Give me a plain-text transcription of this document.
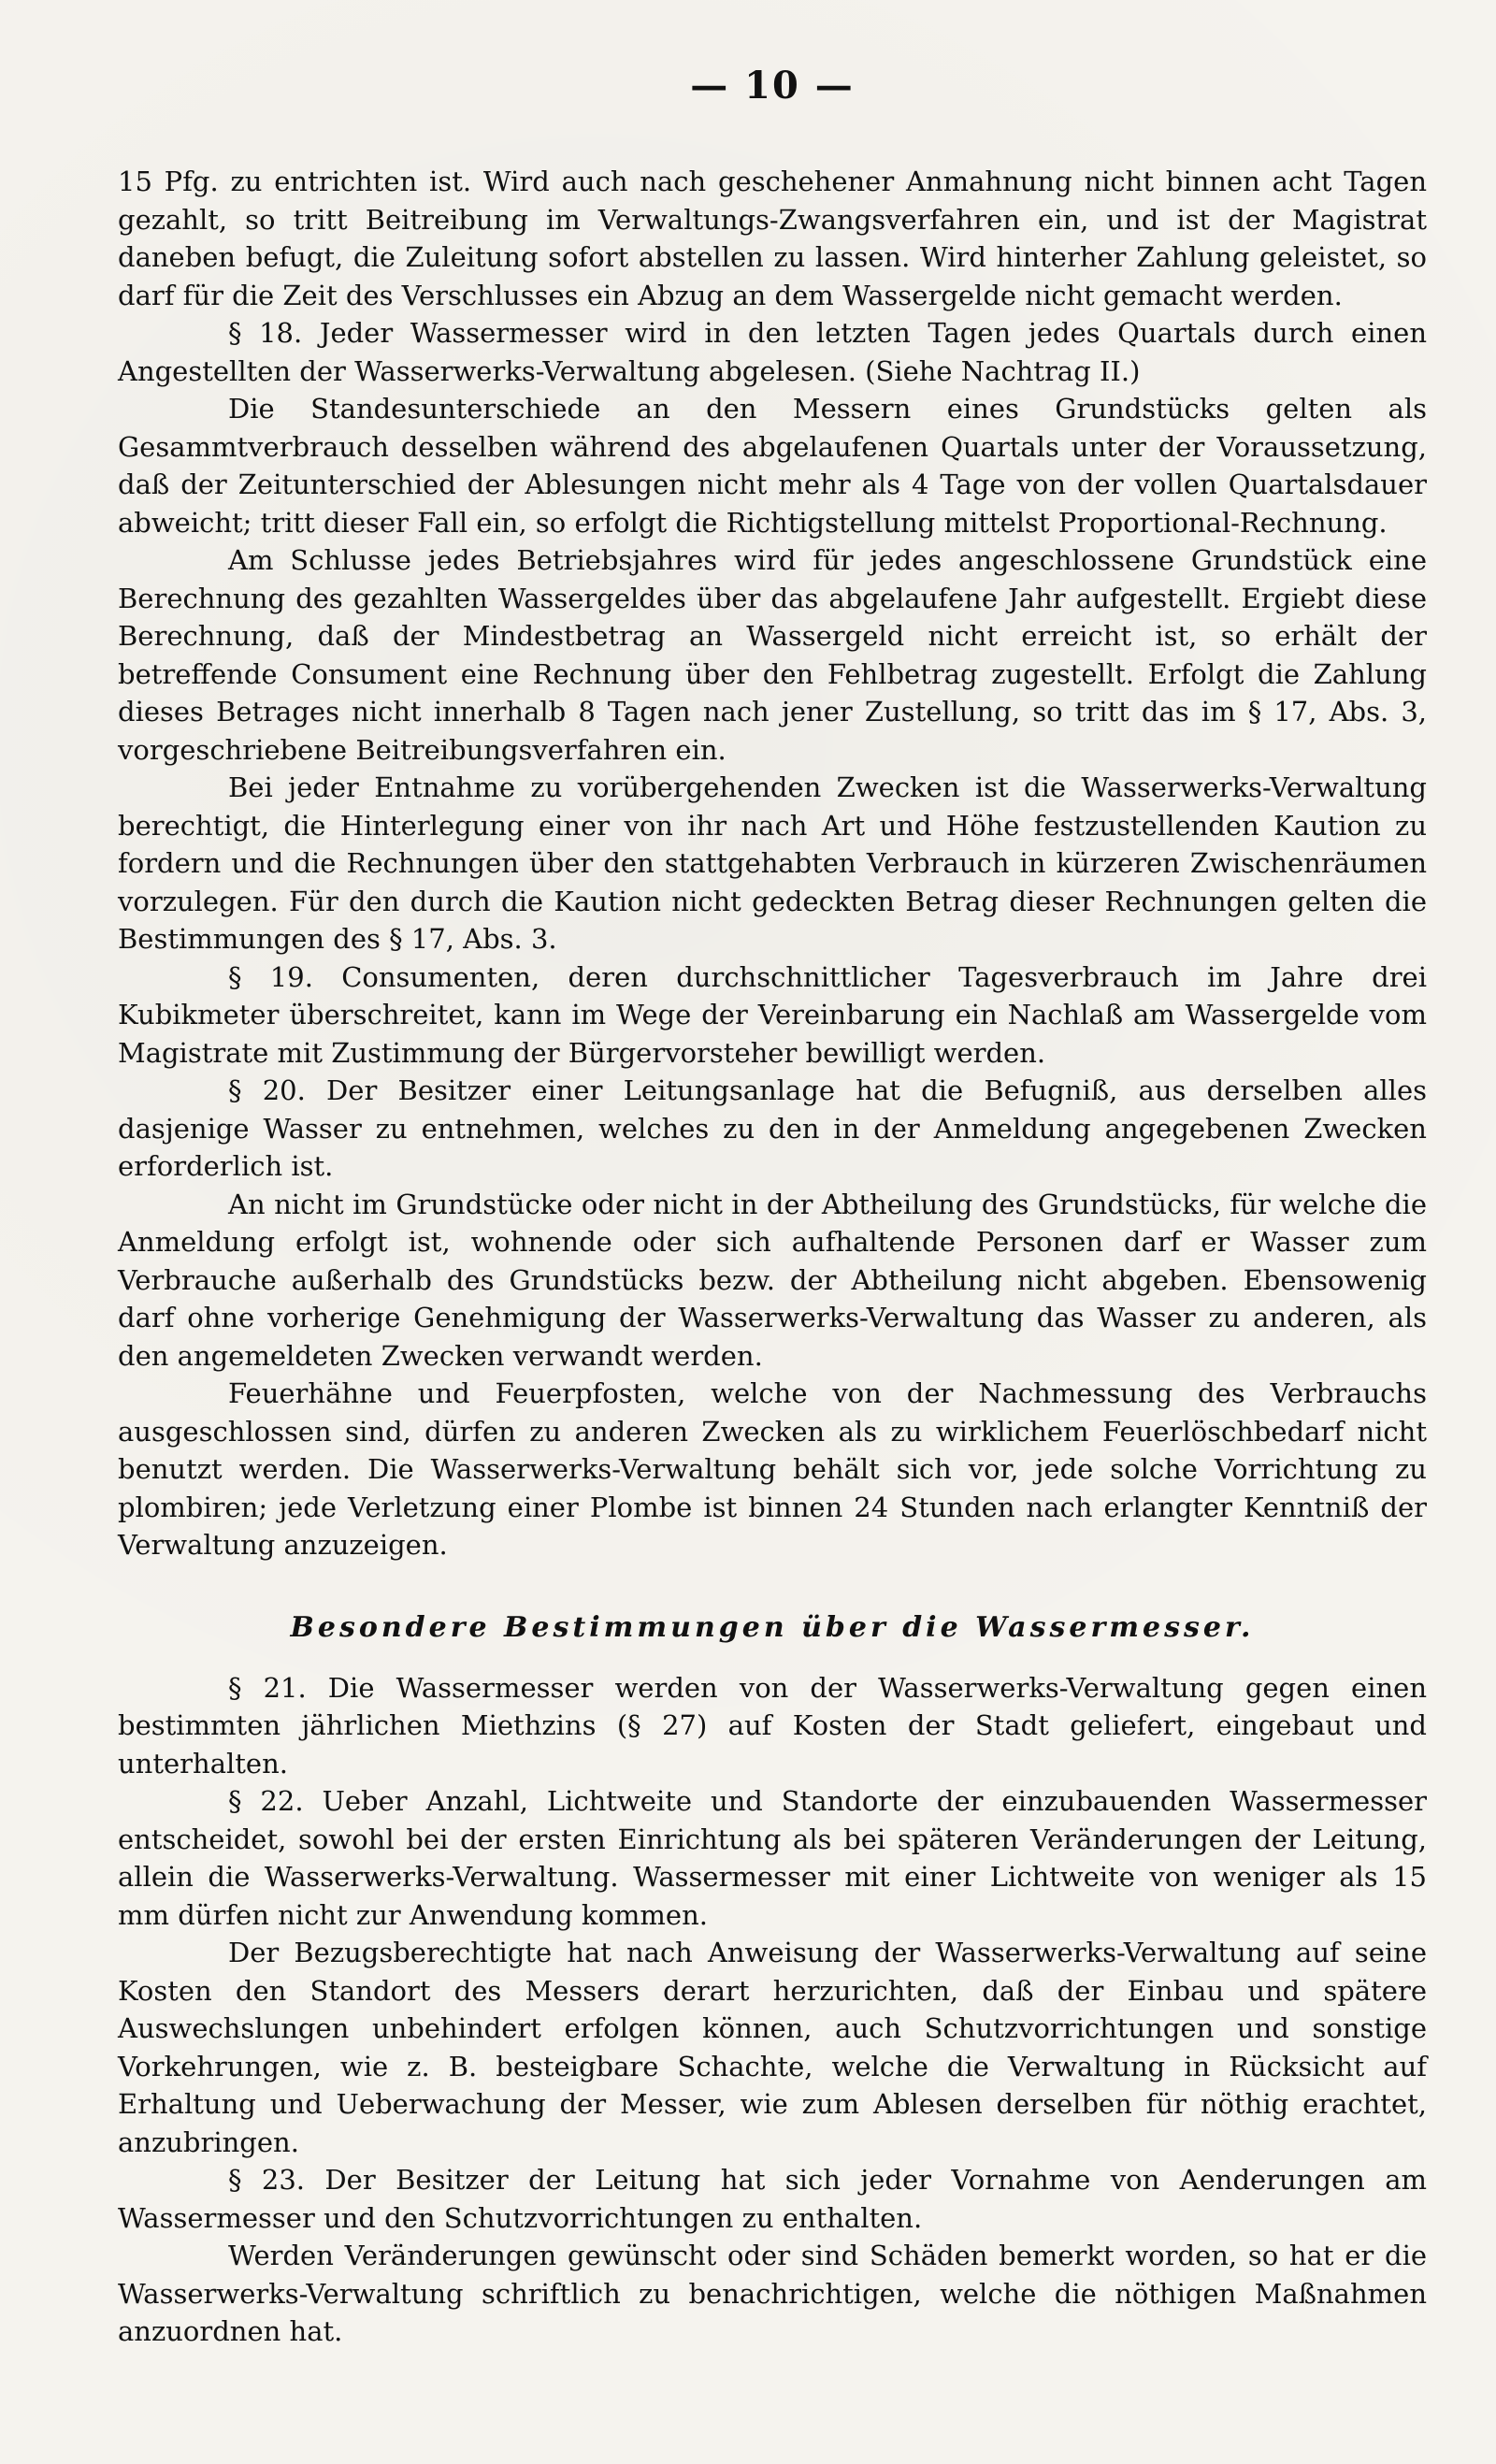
— 10 —

15 Pfg. zu entrichten ist. Wird auch nach geschehener Anmahnung nicht binnen acht Tagen gezahlt, so tritt Beitreibung im Verwaltungs-Zwangsverfahren ein, und ist der Magistrat daneben befugt, die Zuleitung sofort abstellen zu lassen. Wird hinterher Zahlung geleistet, so darf für die Zeit des Verschlusses ein Abzug an dem Wassergelde nicht gemacht werden.

§ 18. Jeder Wassermesser wird in den letzten Tagen jedes Quartals durch einen Angestellten der Wasserwerks-Verwaltung abgelesen. (Siehe Nachtrag II.)

Die Standesunterschiede an den Messern eines Grundstücks gelten als Gesammtverbrauch desselben während des abgelaufenen Quartals unter der Voraussetzung, daß der Zeitunterschied der Ablesungen nicht mehr als 4 Tage von der vollen Quartalsdauer abweicht; tritt dieser Fall ein, so erfolgt die Richtigstellung mittelst Proportional-Rechnung.

Am Schlusse jedes Betriebsjahres wird für jedes angeschlossene Grundstück eine Berechnung des gezahlten Wassergeldes über das abgelaufene Jahr aufgestellt. Ergiebt diese Berechnung, daß der Mindestbetrag an Wassergeld nicht erreicht ist, so erhält der betreffende Consument eine Rechnung über den Fehlbetrag zugestellt. Erfolgt die Zahlung dieses Betrages nicht innerhalb 8 Tagen nach jener Zustellung, so tritt das im § 17, Abs. 3, vorgeschriebene Beitreibungsverfahren ein.

Bei jeder Entnahme zu vorübergehenden Zwecken ist die Wasserwerks-Verwaltung berechtigt, die Hinterlegung einer von ihr nach Art und Höhe festzustellenden Kaution zu fordern und die Rechnungen über den stattgehabten Verbrauch in kürzeren Zwischenräumen vorzulegen. Für den durch die Kaution nicht gedeckten Betrag dieser Rechnungen gelten die Bestimmungen des § 17, Abs. 3.

§ 19. Consumenten, deren durchschnittlicher Tagesverbrauch im Jahre drei Kubikmeter überschreitet, kann im Wege der Vereinbarung ein Nachlaß am Wassergelde vom Magistrate mit Zustimmung der Bürgervorsteher bewilligt werden.

§ 20. Der Besitzer einer Leitungsanlage hat die Befugniß, aus derselben alles dasjenige Wasser zu entnehmen, welches zu den in der Anmeldung angegebenen Zwecken erforderlich ist.

An nicht im Grundstücke oder nicht in der Abtheilung des Grundstücks, für welche die Anmeldung erfolgt ist, wohnende oder sich aufhaltende Personen darf er Wasser zum Verbrauche außerhalb des Grundstücks bezw. der Abtheilung nicht abgeben. Ebensowenig darf ohne vorherige Genehmigung der Wasserwerks-Verwaltung das Wasser zu anderen, als den angemeldeten Zwecken verwandt werden.

Feuerhähne und Feuerpfosten, welche von der Nachmessung des Verbrauchs ausgeschlossen sind, dürfen zu anderen Zwecken als zu wirklichem Feuerlöschbedarf nicht benutzt werden. Die Wasserwerks-Verwaltung behält sich vor, jede solche Vorrichtung zu plombiren; jede Verletzung einer Plombe ist binnen 24 Stunden nach erlangter Kenntniß der Verwaltung anzuzeigen.

Besondere Bestimmungen über die Wassermesser.

§ 21. Die Wassermesser werden von der Wasserwerks-Verwaltung gegen einen bestimmten jährlichen Miethzins (§ 27) auf Kosten der Stadt geliefert, eingebaut und unterhalten.

§ 22. Ueber Anzahl, Lichtweite und Standorte der einzubauenden Wassermesser entscheidet, sowohl bei der ersten Einrichtung als bei späteren Veränderungen der Leitung, allein die Wasserwerks-Verwaltung. Wassermesser mit einer Lichtweite von weniger als 15 mm dürfen nicht zur Anwendung kommen.

Der Bezugsberechtigte hat nach Anweisung der Wasserwerks-Verwaltung auf seine Kosten den Standort des Messers derart herzurichten, daß der Einbau und spätere Auswechslungen unbehindert erfolgen können, auch Schutzvorrichtungen und sonstige Vorkehrungen, wie z. B. besteigbare Schachte, welche die Verwaltung in Rücksicht auf Erhaltung und Ueberwachung der Messer, wie zum Ablesen derselben für nöthig erachtet, anzubringen.

§ 23. Der Besitzer der Leitung hat sich jeder Vornahme von Aenderungen am Wassermesser und den Schutzvorrichtungen zu enthalten.

Werden Veränderungen gewünscht oder sind Schäden bemerkt worden, so hat er die Wasserwerks-Verwaltung schriftlich zu benachrichtigen, welche die nöthigen Maßnahmen anzuordnen hat.
